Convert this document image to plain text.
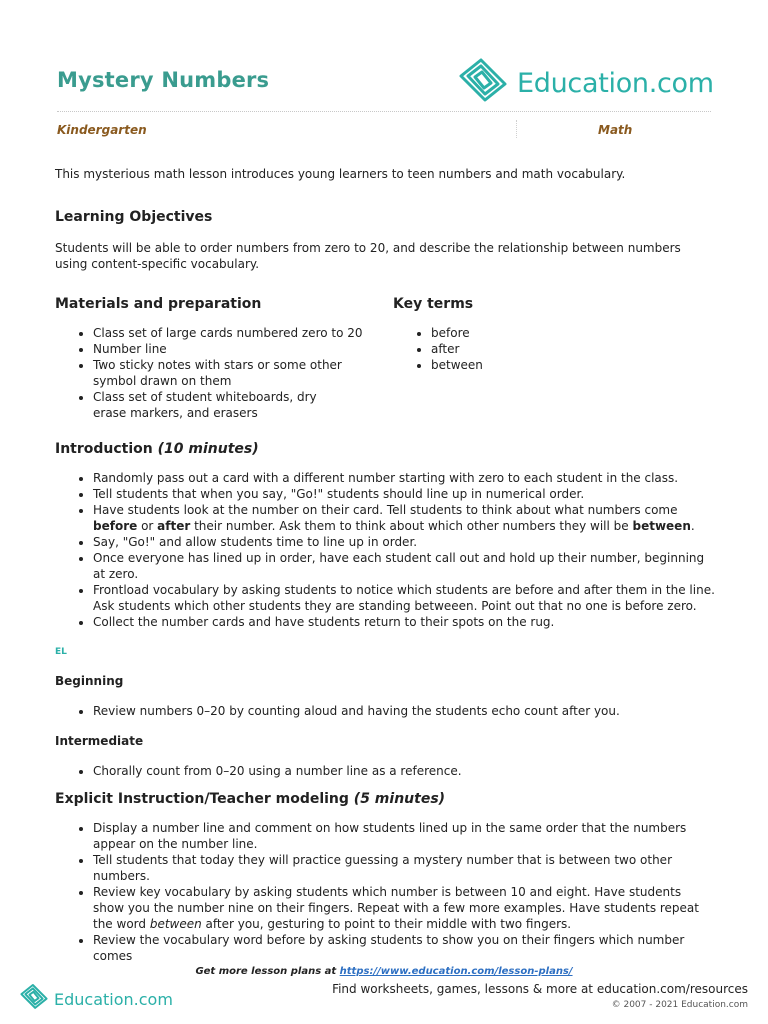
Mystery Numbers	Education.com
Kindergarten	Math

This mysterious math lesson introduces young learners to teen numbers and math vocabulary.

Learning Objectives

Students will be able to order numbers from zero to 20, and describe the relationship between numbers using content-specific vocabulary.

Materials and preparation
• Class set of large cards numbered zero to 20
• Number line
• Two sticky notes with stars or some other symbol drawn on them
• Class set of student whiteboards, dry erase markers, and erasers
Key terms
• before
• after
• between
Introduction (10 minutes)
• Randomly pass out a card with a different number starting with zero to each student in the class.
• Tell students that when you say, "Go!" students should line up in numerical order.
• Have students look at the number on their card. Tell students to think about what numbers come before or after their number. Ask them to think about which other numbers they will be between.
• Say, "Go!" and allow students time to line up in order.
• Once everyone has lined up in order, have each student call out and hold up their number, beginning at zero.
• Frontload vocabulary by asking students to notice which students are before and after them in the line. Ask students which other students they are standing betweeen. Point out that no one is before zero.
• Collect the number cards and have students return to their spots on the rug.
EL
Beginning
• Review numbers 0–20 by counting aloud and having the students echo count after you.
Intermediate
• Chorally count from 0–20 using a number line as a reference.
Explicit Instruction/Teacher modeling (5 minutes)
• Display a number line and comment on how students lined up in the same order that the numbers appear on the number line.
• Tell students that today they will practice guessing a mystery number that is between two other numbers.
• Review key vocabulary by asking students which number is between 10 and eight. Have students show you the number nine on their fingers. Repeat with a few more examples. Have students repeat the word between after you, gesturing to point to their middle with two fingers.
• Review the vocabulary word before by asking students to show you on their fingers which number comes
Get more lesson plans at https://www.education.com/lesson-plans/
Education.com
Find worksheets, games, lessons & more at education.com/resources
© 2007 - 2021 Education.com
